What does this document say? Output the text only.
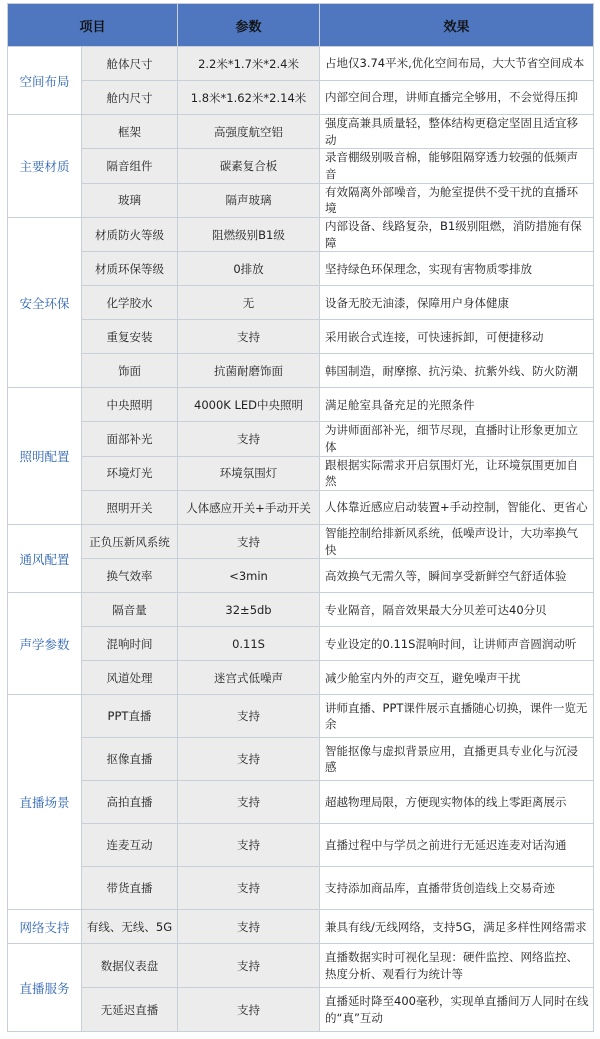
项目		参数	效果
空间布局	舱体尺寸	2.2米*1.7米*2.4米	占地仅3.74平米,优化空间布局，大大节省空间成本
	舱内尺寸	1.8米*1.62米*2.14米	内部空间合理，讲师直播完全够用，不会觉得压抑
主要材质	框架	高强度航空铝	强度高兼具质量轻，整体结构更稳定坚固且适宜移动
	隔音组件	碳素复合板	录音棚级别吸音棉，能够阻隔穿透力较强的低频声音
	玻璃	隔声玻璃	有效隔离外部噪音，为舱室提供不受干扰的直播环境
安全环保	材质防火等级	阻燃级别B1级	内部设备、线路复杂，B1级别阻燃，消防措施有保障
	材质环保等级	0排放	坚持绿色环保理念，实现有害物质零排放
	化学胶水	无	设备无胶无油漆，保障用户身体健康
	重复安装	支持	采用嵌合式连接，可快速拆卸，可便捷移动
	饰面	抗菌耐磨饰面	韩国制造，耐摩擦、抗污染、抗紫外线、防火防潮
照明配置	中央照明	4000K LED中央照明	满足舱室具备充足的光照条件
	面部补光	支持	为讲师面部补光，细节尽现，直播时让形象更加立体
	环境灯光	环境氛围灯	跟根据实际需求开启氛围灯光，让环境氛围更加自然
	照明开关	人体感应开关+手动开关	人体靠近感应启动装置+手动控制，智能化、更省心
通风配置	正负压新风系统	支持	智能控制给排新风系统，低噪声设计，大功率换气快
	换气效率	<3min	高效换气无需久等，瞬间享受新鲜空气舒适体验
声学参数	隔音量	32±5db	专业隔音，隔音效果最大分贝差可达40分贝
	混响时间	0.11S	专业设定的0.11S混响时间，让讲师声音圆润动听
	风道处理	迷宫式低噪声	减少舱室内外的声交互，避免噪声干扰
直播场景	PPT直播	支持	讲师直播、PPT课件展示直播随心切换，课件一览无余
	抠像直播	支持	智能抠像与虚拟背景应用，直播更具专业化与沉浸感
	高拍直播	支持	超越物理局限，方便现实物体的线上零距离展示
	连麦互动	支持	直播过程中与学员之前进行无延迟连麦对话沟通
	带货直播	支持	支持添加商品库，直播带货创造线上交易奇迹
网络支持	有线、无线、5G	支持	兼具有线/无线网络，支持5G，满足多样性网络需求
直播服务	数据仪表盘	支持	直播数据实时可视化呈现：硬件监控、网络监控、热度分析、观看行为统计等
	无延迟直播	支持	直播延时降至400毫秒，实现单直播间万人同时在线的“真”互动
